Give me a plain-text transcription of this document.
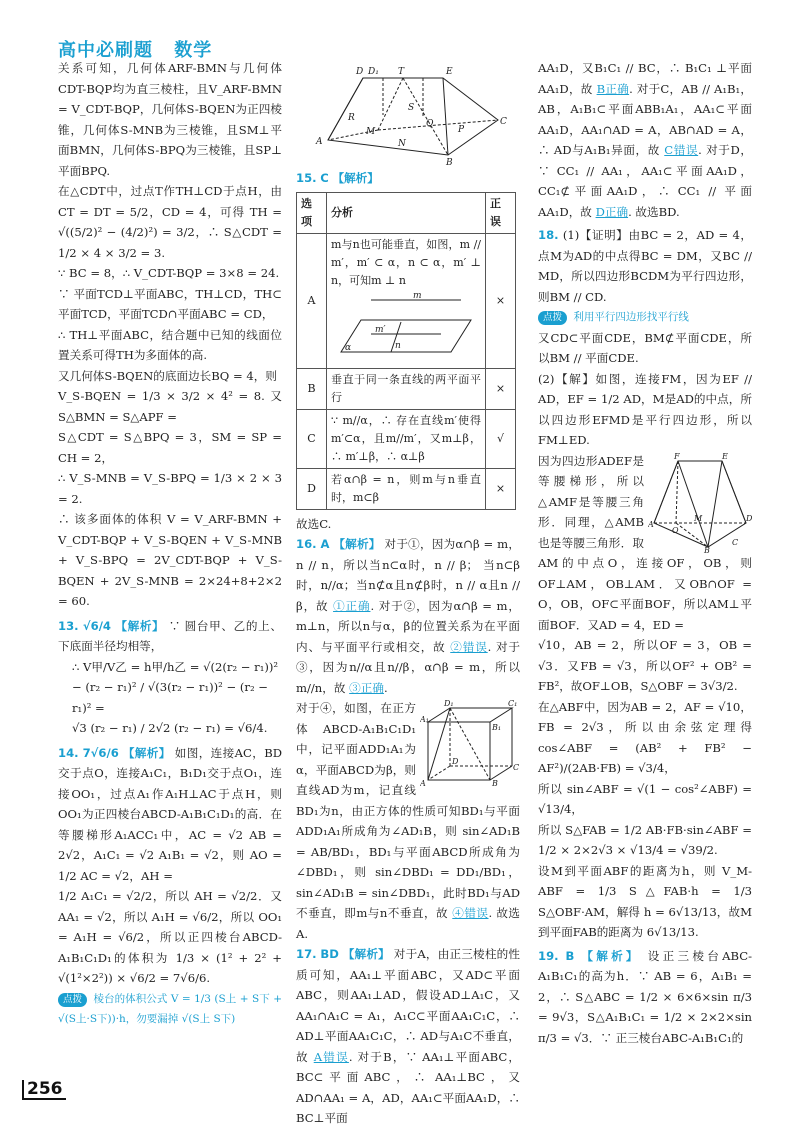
高中必刷题 数学

关系可知，几何体ARF-BMN与几何体CDT-BQP均为直三棱柱，且V_ARF-BMN = V_CDT-BQP，几何体S-BQEN为正四棱锥，几何体S-MNB为三棱锥，且SM⊥平面BMN，几何体S-BPQ为三棱锥，且SP⊥平面BPQ.

在△CDT中，过点T作TH⊥CD于点H，由CT = DT = 5/2，CD = 4，可得 TH = √((5/2)² − (4/2)²) = 3/2，∴ S△CDT = 1/2 × 4 × 3/2 = 3.

∵ BC = 8，∴ V_CDT-BQP = 3×8 = 24.

∵ 平面TCD⊥平面ABC，TH⊥CD，TH⊂平面TCD，平面TCD∩平面ABC = CD，

∴ TH⊥平面ABC，结合题中已知的线面位置关系可得TH为多面体的高.

又几何体S-BQEN的底面边长BQ = 4，则

V_S-BQEN = 1/3 × 3/2 × 4² = 8. 又S△BMN = S△APF =

S△CDT = S△BPQ = 3，SM = SP = CH = 2，

∴ V_S-MNB = V_S-BPQ = 1/3 × 2 × 3 = 2.

∴ 该多面体的体积 V = V_ARF-BMN + V_CDT-BQP + V_S-BQEN + V_S-MNB + V_S-BPQ = 2V_CDT-BQP + V_S-BQEN + 2V_S-MNB = 2×24+8+2×2 = 60.

13. √6/4 【解析】 ∵ 圆台甲、乙的上、下底面半径均相等，

∴ V甲/V乙 = h甲/h乙 = √(2(r₂ − r₁))² − (r₂ − r₁)² / √(3(r₂ − r₁))² − (r₂ − r₁)² =
√3 (r₂ − r₁) / 2√2 (r₂ − r₁) = √6/4.

14. 7√6/6 【解析】 如图，连接AC，BD交于点O，连接A₁C₁，B₁D₁交于点O₁，连接OO₁，过点A₁作A₁H⊥AC于点H，则OO₁为正四棱台ABCD-A₁B₁C₁D₁的高．在等腰梯形A₁ACC₁中，AC = √2 AB = 2√2，A₁C₁ = √2 A₁B₁ = √2，则 AO = 1/2 AC = √2，AH =

1/2 A₁C₁ = √2/2，所以 AH = √2/2．又 AA₁ = √2，所以 A₁H = √6/2，所以 OO₁ = A₁H = √6/2，所以正四棱台ABCD-A₁B₁C₁D₁的体积为 1/3 × (1² + 2² + √(1²×2²)) × √6/2 = 7√6/6.

点拨 棱台的体积公式 V = 1/3 (S上 + S下 + √(S上·S下))·h，勿要漏掉 √(S上 S下)

D D₁ T	E
A
R
S
M
B
Q
P
C
N

15. C 【解析】

选项	分析	正误
A	m与n也可能垂直，如图，m // m′，m′ ⊂ α，n ⊂ α，m′ ⊥ n，可知m ⊥ n
m
m′
α n	×
B	垂直于同一条直线的两平面平行	×
C	∵ m//α，∴ 存在直线m′使得m′⊂α，且m//m′，又m⊥β，∴ m′⊥β，∴ α⊥β	√
D	若α∩β = n，则m与n垂直时，m⊂β	×

故选C.

16. A 【解析】 对于①，因为α∩β = m，n // n，所以当n⊂α时，n // β； 当n⊂β时，n//α；当n⊄α且n⊄β时，n // α且n // β，故 ①正确. 对于②，因为α∩β = m，m⊥n，所以n与α，β的位置关系为在平面内、与平面平行或相交，故 ②错误. 对于③，因为n//α且n//β，α∩β = m，所以m//n，故 ③正确.

D₁	C₁
A₁
B₁
D
C
A	B

对于④，如图，在正方体 ABCD-A₁B₁C₁D₁ 中，记平面ADD₁A₁为α，平面ABCD为β，则直线AD为m，记直线BD₁为n，由正方体的性质可知BD₁与平面ADD₁A₁所成角为∠AD₁B，则 sin∠AD₁B = AB/BD₁，BD₁与平面ABCD所成角为∠DBD₁，则 sin∠DBD₁ = DD₁/BD₁，sin∠AD₁B = sin∠DBD₁，此时BD₁与AD不垂直，即m与n不垂直，故 ④错误. 故选A.

17. BD 【解析】 对于A，由正三棱柱的性质可知，AA₁⊥平面ABC，又AD⊂平面ABC，则AA₁⊥AD，假设AD⊥A₁C，又AA₁∩A₁C = A₁，A₁C⊂平面AA₁C₁C，∴ AD⊥平面AA₁C₁C，∴ AD与A₁C不垂直，故 A错误. 对于B，∵ AA₁⊥平面ABC，BC⊂平面ABC，∴ AA₁⊥BC，又AD∩AA₁ = A，AD，AA₁⊂平面AA₁D，∴ BC⊥平面

AA₁D，又B₁C₁ // BC，∴ B₁C₁ ⊥平面AA₁D，故 B正确. 对于C，AB // A₁B₁，AB，A₁B₁⊂平面ABB₁A₁，AA₁⊂平面AA₁D，AA₁∩AD = A，AB∩AD = A，∴ AD与A₁B₁异面，故 C错误. 对于D，∵ CC₁ // AA₁，AA₁⊂平面AA₁D，CC₁⊄平面AA₁D，∴ CC₁ // 平面AA₁D，故 D正确. 故选BD.

18. (1)【证明】由BC = 2，AD = 4，点M为AD的中点得BC = DM，又BC // MD，所以四边形BCDM为平行四边形，则BM // CD.

点拨 利用平行四边形找平行线

又CD⊂平面CDE，BM⊄平面CDE，所以BM // 平面CDE.

(2)【解】如图，连接FM，因为EF // AD，EF = 1/2 AD，M是AD的中点，所以四边形EFMD是平行四边形，所以FM⊥ED.

F	E
A
O
M	D
B
C

因为四边形ADEF是等腰梯形，所以△AMF是等腰三角形．同理，△AMB也是等腰三角形．取AM的中点O，连接OF，OB，则OF⊥AM，OB⊥AM．又OB∩OF = O，OB，OF⊂平面BOF，所以AM⊥平面BOF．又AD = 4，ED =

√10，AB = 2，所以OF = 3，OB = √3．又FB = √3，所以OF² + OB² = FB²，故OF⊥OB，S△OBF = 3√3/2.

在△ABF中，因为AB = 2，AF = √10，FB = 2√3，所以由余弦定理得 cos∠ABF = (AB² + FB² − AF²)/(2AB·FB) = √3/4，

所以 sin∠ABF = √(1 − cos²∠ABF) = √13/4，

所以 S△FAB = 1/2 AB·FB·sin∠ABF = 1/2 × 2×2√3 × √13/4 = √39/2.

设M到平面ABF的距离为h，则 V_M-ABF = 1/3 S△FAB·h = 1/3 S△OBF·AM，解得 h = 6√13/13，故M到平面FAB的距离为 6√13/13.

19. B 【解析】 设正三棱台ABC-A₁B₁C₁的高为h．∵ AB = 6，A₁B₁ = 2，∴ S△ABC = 1/2 × 6×6×sin π/3 = 9√3，S△A₁B₁C₁ = 1/2 × 2×2×sin π/3 = √3．∵ 正三棱台ABC-A₁B₁C₁的

256
